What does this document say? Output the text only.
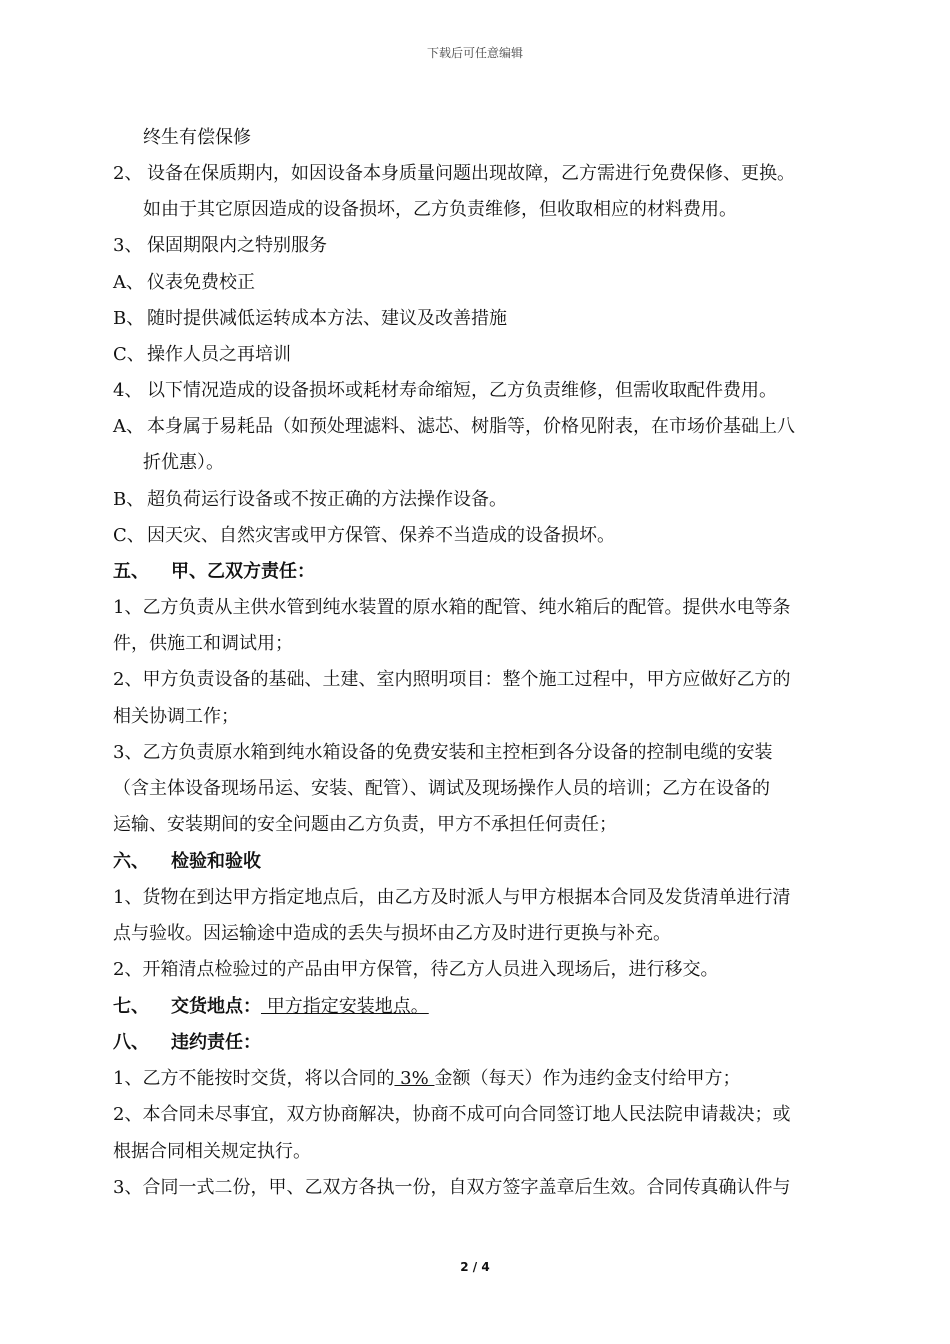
下载后可任意编辑
终生有偿保修
2、 设备在保质期内，如因设备本身质量问题出现故障，乙方需进行免费保修、更换。
如由于其它原因造成的设备损坏，乙方负责维修，但收取相应的材料费用。
3、 保固期限内之特别服务
A、 仪表免费校正
B、 随时提供减低运转成本方法、建议及改善措施
C、 操作人员之再培训
4、 以下情况造成的设备损坏或耗材寿命缩短，乙方负责维修，但需收取配件费用。
A、 本身属于易耗品（如预处理滤料、滤芯、树脂等，价格见附表，在市场价基础上八
折优惠）。
B、 超负荷运行设备或不按正确的方法操作设备。
C、 因天灾、自然灾害或甲方保管、保养不当造成的设备损坏。
五、 甲、乙双方责任：
1、乙方负责从主供水管到纯水装置的原水箱的配管、纯水箱后的配管。提供水电等条
件，供施工和调试用；
2、甲方负责设备的基础、土建、室内照明项目：整个施工过程中，甲方应做好乙方的
相关协调工作；
3、乙方负责原水箱到纯水箱设备的免费安装和主控柜到各分设备的控制电缆的安装
（含主体设备现场吊运、安装、配管）、调试及现场操作人员的培训；乙方在设备的
运输、安装期间的安全问题由乙方负责，甲方不承担任何责任；
六、 检验和验收
1、货物在到达甲方指定地点后，由乙方及时派人与甲方根据本合同及发货清单进行清
点与验收。因运输途中造成的丢失与损坏由乙方及时进行更换与补充。
2、开箱清点检验过的产品由甲方保管，待乙方人员进入现场后，进行移交。
七、 交货地点： 甲方指定安装地点。
八、 违约责任：
1、乙方不能按时交货，将以合同的 3% 金额（每天）作为违约金支付给甲方；
2、本合同未尽事宜，双方协商解决，协商不成可向合同签订地人民法院申请裁决；或
根据合同相关规定执行。
3、合同一式二份，甲、乙双方各执一份，自双方签字盖章后生效。合同传真确认件与
2 / 4
